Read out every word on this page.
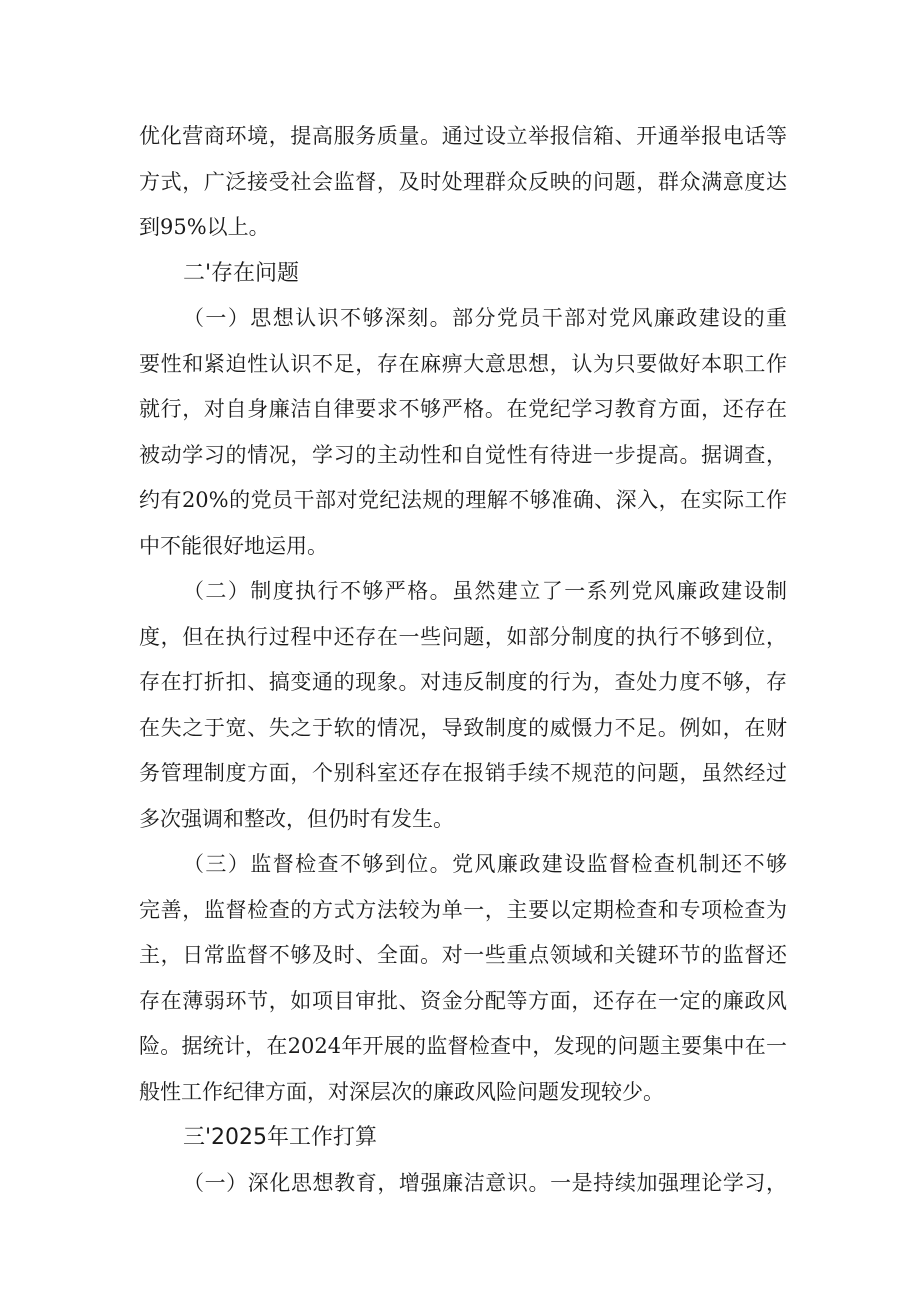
优化营商环境，提高服务质量。通过设立举报信箱、开通举报电话等
方式，广泛接受社会监督，及时处理群众反映的问题，群众满意度达
到95%以上。
二'存在问题
（一）思想认识不够深刻。部分党员干部对党风廉政建设的重
要性和紧迫性认识不足，存在麻痹大意思想，认为只要做好本职工作
就行，对自身廉洁自律要求不够严格。在党纪学习教育方面，还存在
被动学习的情况，学习的主动性和自觉性有待进一步提高。据调查，
约有20%的党员干部对党纪法规的理解不够准确、深入，在实际工作
中不能很好地运用。
（二）制度执行不够严格。虽然建立了一系列党风廉政建设制
度，但在执行过程中还存在一些问题，如部分制度的执行不够到位，
存在打折扣、搞变通的现象。对违反制度的行为，查处力度不够，存
在失之于宽、失之于软的情况，导致制度的威慑力不足。例如，在财
务管理制度方面，个别科室还存在报销手续不规范的问题，虽然经过
多次强调和整改，但仍时有发生。
（三）监督检查不够到位。党风廉政建设监督检查机制还不够
完善，监督检查的方式方法较为单一，主要以定期检查和专项检查为
主，日常监督不够及时、全面。对一些重点领域和关键环节的监督还
存在薄弱环节，如项目审批、资金分配等方面，还存在一定的廉政风
险。据统计，在2024年开展的监督检查中，发现的问题主要集中在一
般性工作纪律方面，对深层次的廉政风险问题发现较少。
三'2025年工作打算
（一）深化思想教育，增强廉洁意识。一是持续加强理论学习，
